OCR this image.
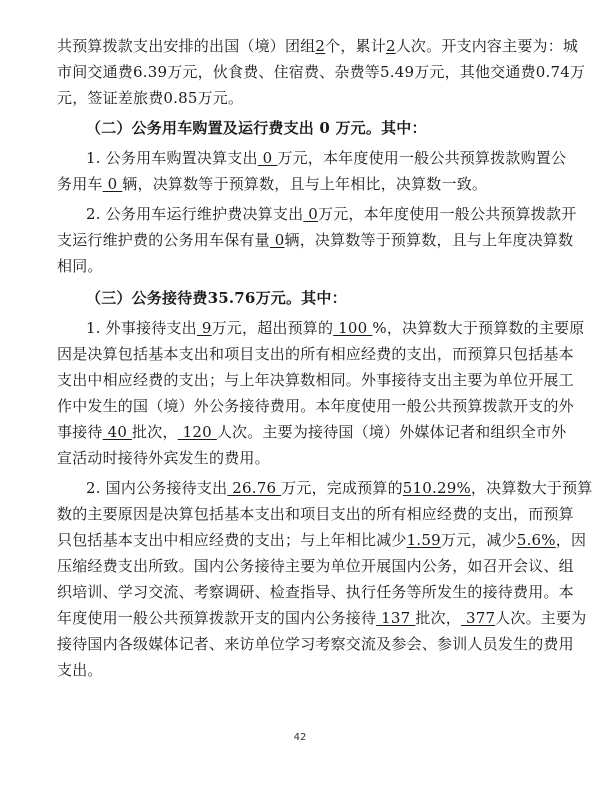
共预算拨款支出安排的出国（境）团组2个，累计2人次。开支内容主要为：城

市间交通费6.39万元，伙食费、住宿费、杂费等5.49万元，其他交通费0.74万

元，签证差旅费0.85万元。

（二）公务用车购置及运行费支出 0 万元。其中：

1. 公务用车购置决算支出 0 万元，本年度使用一般公共预算拨款购置公

务用车 0 辆，决算数等于预算数，且与上年相比，决算数一致。

2. 公务用车运行维护费决算支出 0万元，本年度使用一般公共预算拨款开

支运行维护费的公务用车保有量 0辆，决算数等于预算数，且与上年度决算数

相同。

（三）公务接待费35.76万元。其中：

1. 外事接待支出 9万元，超出预算的 100 %，决算数大于预算数的主要原

因是决算包括基本支出和项目支出的所有相应经费的支出，而预算只包括基本

支出中相应经费的支出；与上年决算数相同。外事接待支出主要为单位开展工

作中发生的国（境）外公务接待费用。本年度使用一般公共预算拨款开支的外

事接待 40 批次， 120 人次。主要为接待国（境）外媒体记者和组织全市外

宣活动时接待外宾发生的费用。

2. 国内公务接待支出 26.76 万元，完成预算的510.29%，决算数大于预算

数的主要原因是决算包括基本支出和项目支出的所有相应经费的支出，而预算

只包括基本支出中相应经费的支出；与上年相比减少1.59万元，减少5.6%，因

压缩经费支出所致。国内公务接待主要为单位开展国内公务，如召开会议、组

织培训、学习交流、考察调研、检查指导、执行任务等所发生的接待费用。本

年度使用一般公共预算拨款开支的国内公务接待 137 批次， 377人次。主要为

接待国内各级媒体记者、来访单位学习考察交流及参会、参训人员发生的费用

支出。

42
